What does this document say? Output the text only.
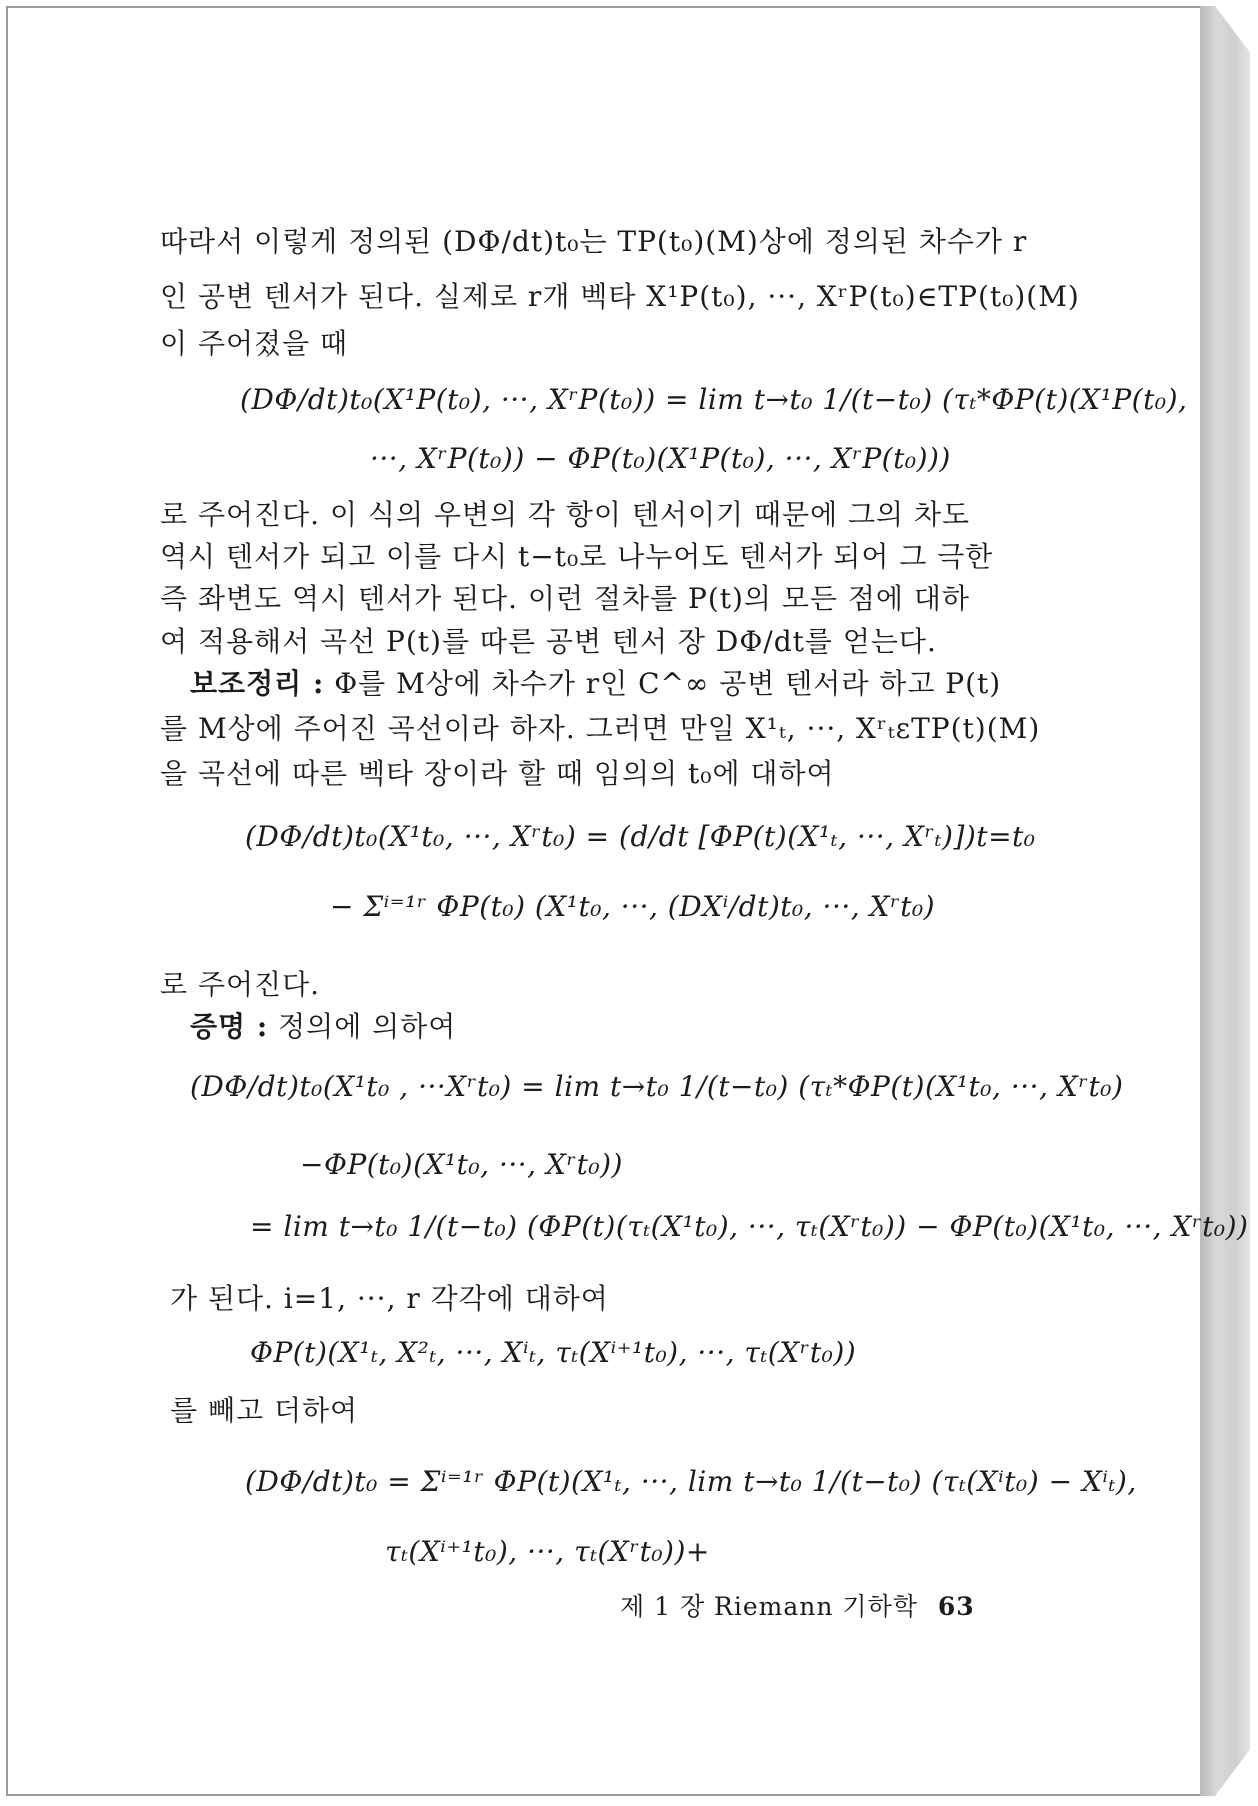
따라서 이렇게 정의된 (DΦ/dt)t₀는 TP(t₀)(M)상에 정의된 차수가 r
인 공변 텐서가 된다. 실제로 r개 벡타 X¹P(t₀), ···, XʳP(t₀)∈TP(t₀)(M)
이 주어졌을 때
(DΦ/dt)t₀(X¹P(t₀), ···, XʳP(t₀)) = lim t→t₀ 1/(t−t₀) (τₜ*ΦP(t)(X¹P(t₀),
···, XʳP(t₀)) − ΦP(t₀)(X¹P(t₀), ···, XʳP(t₀)))
로 주어진다. 이 식의 우변의 각 항이 텐서이기 때문에 그의 차도
역시 텐서가 되고 이를 다시 t−t₀로 나누어도 텐서가 되어 그 극한
즉 좌변도 역시 텐서가 된다. 이런 절차를 P(t)의 모든 점에 대하
여 적용해서 곡선 P(t)를 따른 공변 텐서 장 DΦ/dt를 얻는다.
보조정리 : Φ를 M상에 차수가 r인 C^∞ 공변 텐서라 하고 P(t)
를 M상에 주어진 곡선이라 하자. 그러면 만일 X¹ₜ, ···, XʳₜεTP(t)(M)
을 곡선에 따른 벡타 장이라 할 때 임의의 t₀에 대하여
(DΦ/dt)t₀(X¹t₀, ···, Xʳt₀) = (d/dt [ΦP(t)(X¹ₜ, ···, Xʳₜ)])t=t₀
− Σⁱ⁼¹ʳ ΦP(t₀) (X¹t₀, ···, (DXⁱ/dt)t₀, ···, Xʳt₀)
로 주어진다.
증명 : 정의에 의하여
(DΦ/dt)t₀(X¹t₀ , ···Xʳt₀) = lim t→t₀ 1/(t−t₀) (τₜ*ΦP(t)(X¹t₀, ···, Xʳt₀)
−ΦP(t₀)(X¹t₀, ···, Xʳt₀))
= lim t→t₀ 1/(t−t₀) (ΦP(t)(τₜ(X¹t₀), ···, τₜ(Xʳt₀)) − ΦP(t₀)(X¹t₀, ···, Xʳt₀))
가 된다. i=1, ···, r 각각에 대하여
ΦP(t)(X¹ₜ, X²ₜ, ···, Xⁱₜ, τₜ(Xⁱ⁺¹t₀), ···, τₜ(Xʳt₀))
를 빼고 더하여
(DΦ/dt)t₀ = Σⁱ⁼¹ʳ ΦP(t)(X¹ₜ, ···, lim t→t₀ 1/(t−t₀) (τₜ(Xⁱt₀) − Xⁱₜ),
τₜ(Xⁱ⁺¹t₀), ···, τₜ(Xʳt₀))+
제 1 장 Riemann 기하학 63
